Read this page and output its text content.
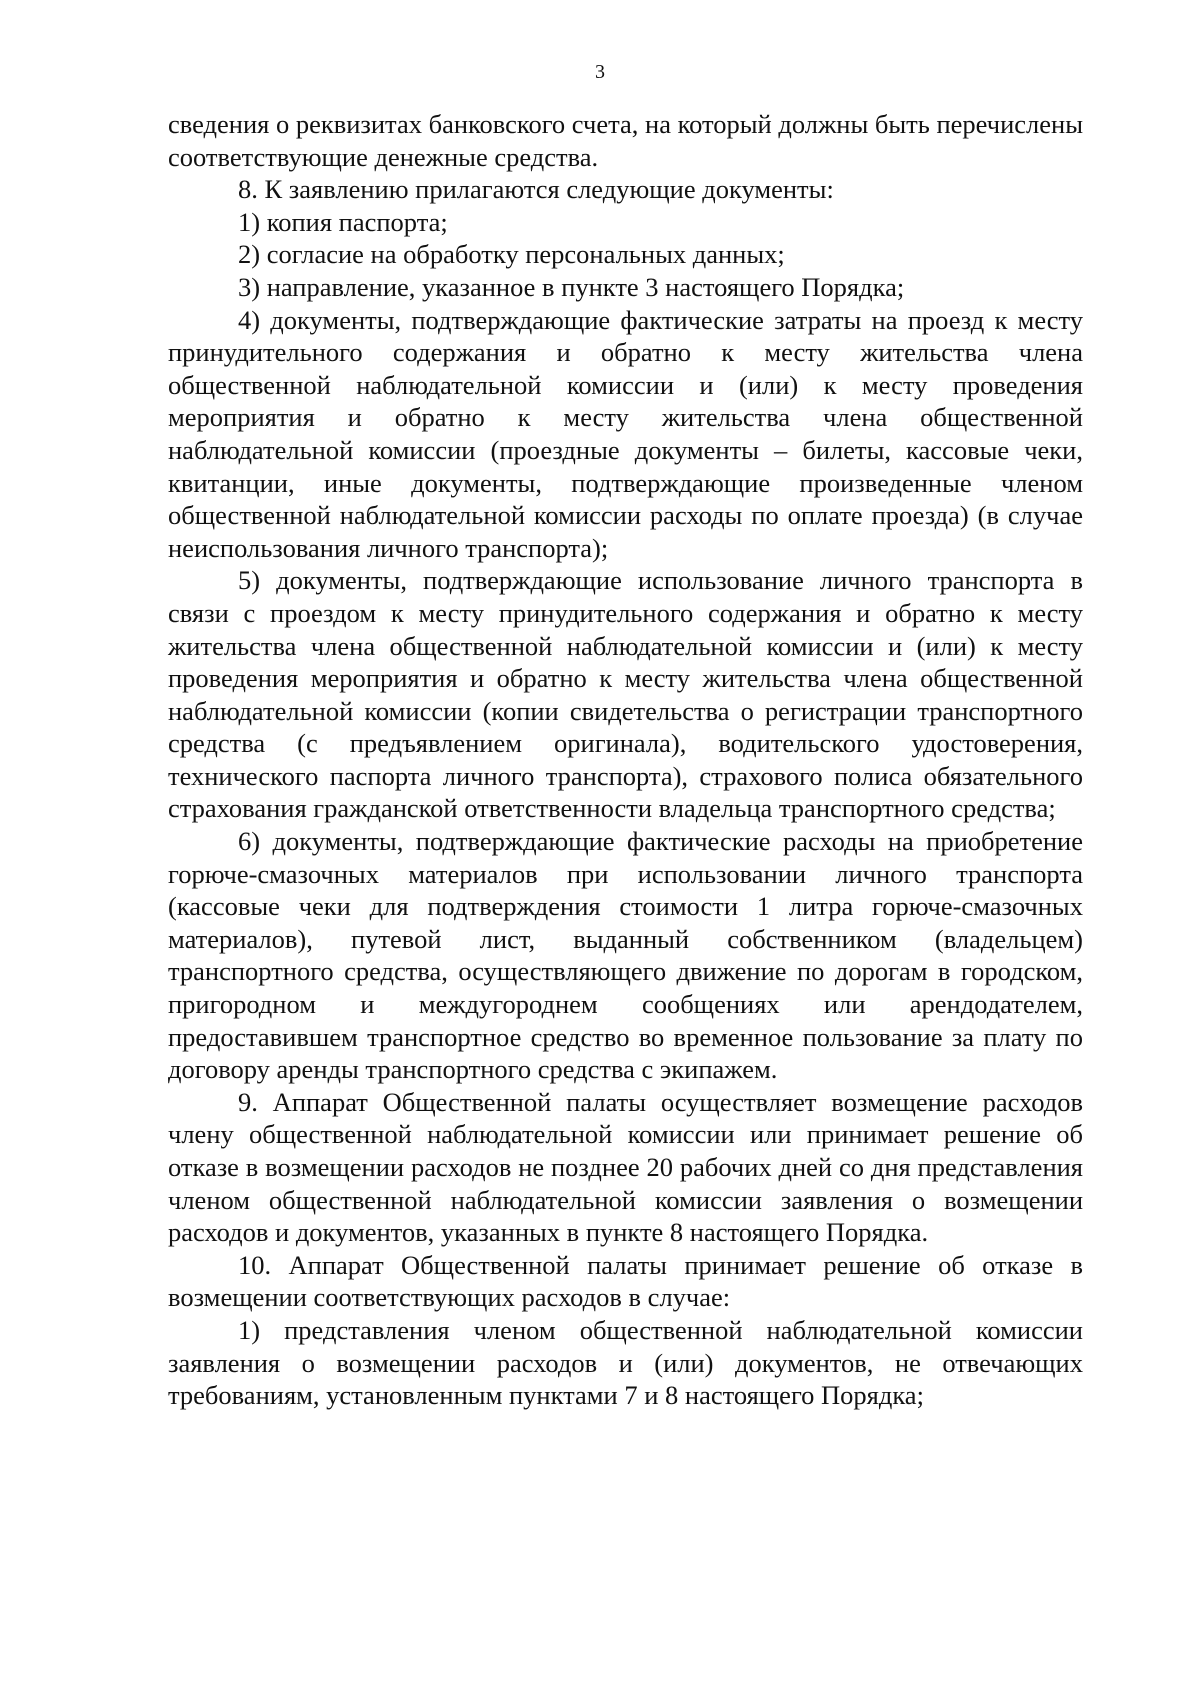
3

сведения о реквизитах банковского счета, на который должны быть перечислены соответствующие денежные средства.

8. К заявлению прилагаются следующие документы:

1) копия паспорта;

2) согласие на обработку персональных данных;

3) направление, указанное в пункте 3 настоящего Порядка;

4) документы, подтверждающие фактические затраты на проезд к месту принудительного содержания и обратно к месту жительства члена общественной наблюдательной комиссии и (или) к месту проведения мероприятия и обратно к месту жительства члена общественной наблюдательной комиссии (проездные документы – билеты, кассовые чеки, квитанции, иные документы, подтверждающие произведенные членом общественной наблюдательной комиссии расходы по оплате проезда) (в случае неиспользования личного транспорта);

5) документы, подтверждающие использование личного транспорта в связи с проездом к месту принудительного содержания и обратно к месту жительства члена общественной наблюдательной комиссии и (или) к месту проведения мероприятия и обратно к месту жительства члена общественной наблюдательной комиссии (копии свидетельства о регистрации транспортного средства (с предъявлением оригинала), водительского удостоверения, технического паспорта личного транспорта), страхового полиса обязательного страхования гражданской ответственности владельца транспортного средства;

6) документы, подтверждающие фактические расходы на приобретение горюче-смазочных материалов при использовании личного транспорта (кассовые чеки для подтверждения стоимости 1 литра горюче-смазочных материалов), путевой лист, выданный собственником (владельцем) транспортного средства, осуществляющего движение по дорогам в городском, пригородном и междугороднем сообщениях или арендодателем, предоставившем транспортное средство во временное пользование за плату по договору аренды транспортного средства с экипажем.

9. Аппарат Общественной палаты осуществляет возмещение расходов члену общественной наблюдательной комиссии или принимает решение об отказе в возмещении расходов не позднее 20 рабочих дней со дня представления членом общественной наблюдательной комиссии заявления о возмещении расходов и документов, указанных в пункте 8 настоящего Порядка.

10. Аппарат Общественной палаты принимает решение об отказе в возмещении соответствующих расходов в случае:

1) представления членом общественной наблюдательной комиссии заявления о возмещении расходов и (или) документов, не отвечающих требованиям, установленным пунктами 7 и 8 настоящего Порядка;
